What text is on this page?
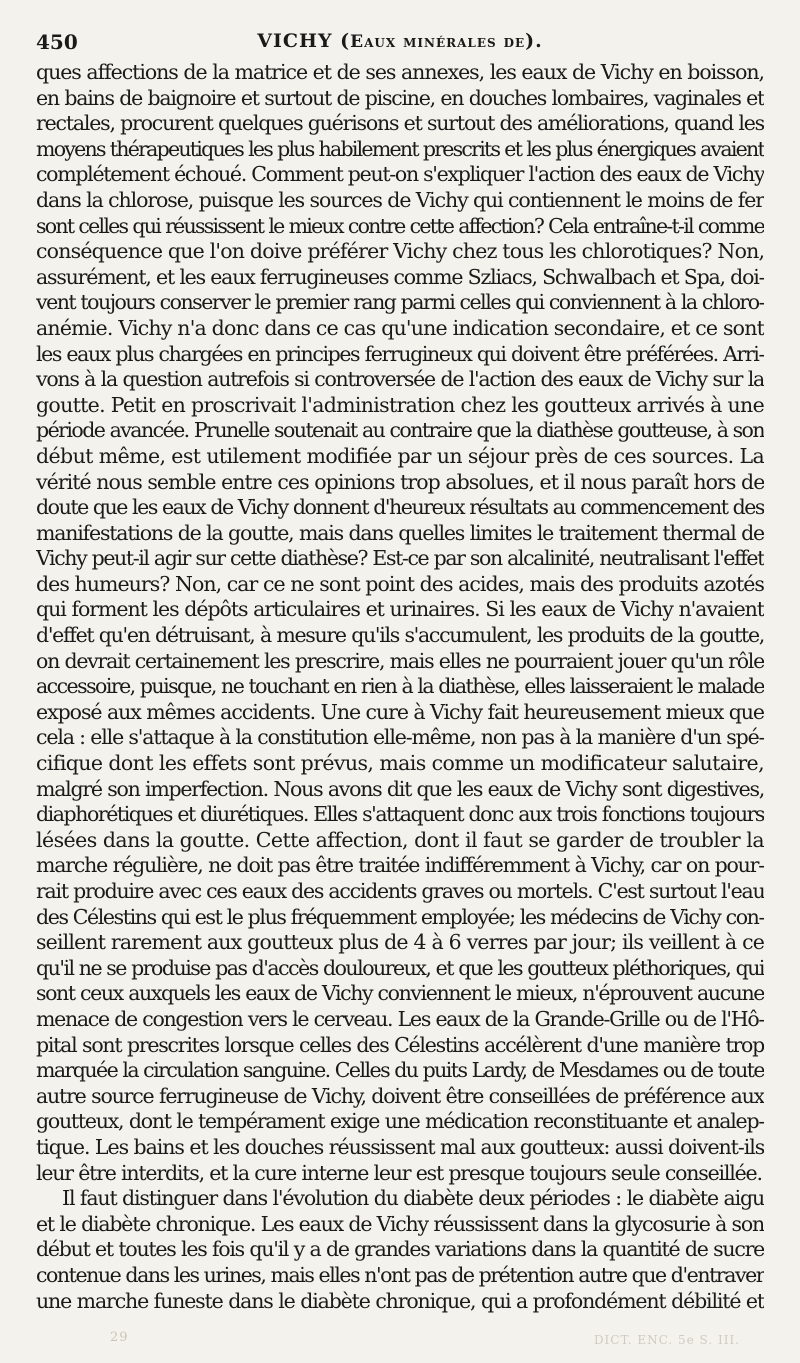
450	VICHY (Eaux minérales de).
ques affections de la matrice et de ses annexes, les eaux de Vichy en boisson,
en bains de baignoire et surtout de piscine, en douches lombaires, vaginales et
rectales, procurent quelques guérisons et surtout des améliorations, quand les
moyens thérapeutiques les plus habilement prescrits et les plus énergiques avaient
complétement échoué. Comment peut-on s'expliquer l'action des eaux de Vichy
dans la chlorose, puisque les sources de Vichy qui contiennent le moins de fer
sont celles qui réussissent le mieux contre cette affection? Cela entraîne-t-il comme
conséquence que l'on doive préférer Vichy chez tous les chlorotiques? Non,
assurément, et les eaux ferrugineuses comme Szliacs, Schwalbach et Spa, doi-
vent toujours conserver le premier rang parmi celles qui conviennent à la chloro-
anémie. Vichy n'a donc dans ce cas qu'une indication secondaire, et ce sont
les eaux plus chargées en principes ferrugineux qui doivent être préférées. Arri-
vons à la question autrefois si controversée de l'action des eaux de Vichy sur la
goutte. Petit en proscrivait l'administration chez les goutteux arrivés à une
période avancée. Prunelle soutenait au contraire que la diathèse goutteuse, à son
début même, est utilement modifiée par un séjour près de ces sources. La
vérité nous semble entre ces opinions trop absolues, et il nous paraît hors de
doute que les eaux de Vichy donnent d'heureux résultats au commencement des
manifestations de la goutte, mais dans quelles limites le traitement thermal de
Vichy peut-il agir sur cette diathèse? Est-ce par son alcalinité, neutralisant l'effet
des humeurs? Non, car ce ne sont point des acides, mais des produits azotés
qui forment les dépôts articulaires et urinaires. Si les eaux de Vichy n'avaient
d'effet qu'en détruisant, à mesure qu'ils s'accumulent, les produits de la goutte,
on devrait certainement les prescrire, mais elles ne pourraient jouer qu'un rôle
accessoire, puisque, ne touchant en rien à la diathèse, elles laisseraient le malade
exposé aux mêmes accidents. Une cure à Vichy fait heureusement mieux que
cela : elle s'attaque à la constitution elle-même, non pas à la manière d'un spé-
cifique dont les effets sont prévus, mais comme un modificateur salutaire,
malgré son imperfection. Nous avons dit que les eaux de Vichy sont digestives,
diaphorétiques et diurétiques. Elles s'attaquent donc aux trois fonctions toujours
lésées dans la goutte. Cette affection, dont il faut se garder de troubler la
marche régulière, ne doit pas être traitée indifféremment à Vichy, car on pour-
rait produire avec ces eaux des accidents graves ou mortels. C'est surtout l'eau
des Célestins qui est le plus fréquemment employée; les médecins de Vichy con-
seillent rarement aux goutteux plus de 4 à 6 verres par jour; ils veillent à ce
qu'il ne se produise pas d'accès douloureux, et que les goutteux pléthoriques, qui
sont ceux auxquels les eaux de Vichy conviennent le mieux, n'éprouvent aucune
menace de congestion vers le cerveau. Les eaux de la Grande-Grille ou de l'Hô-
pital sont prescrites lorsque celles des Célestins accélèrent d'une manière trop
marquée la circulation sanguine. Celles du puits Lardy, de Mesdames ou de toute
autre source ferrugineuse de Vichy, doivent être conseillées de préférence aux
goutteux, dont le tempérament exige une médication reconstituante et analep-
tique. Les bains et les douches réussissent mal aux goutteux: aussi doivent-ils
leur être interdits, et la cure interne leur est presque toujours seule conseillée.
Il faut distinguer dans l'évolution du diabète deux périodes : le diabète aigu
et le diabète chronique. Les eaux de Vichy réussissent dans la glycosurie à son
début et toutes les fois qu'il y a de grandes variations dans la quantité de sucre
contenue dans les urines, mais elles n'ont pas de prétention autre que d'entraver
une marche funeste dans le diabète chronique, qui a profondément débilité et
29	DICT. ENC. 5e S. III.
